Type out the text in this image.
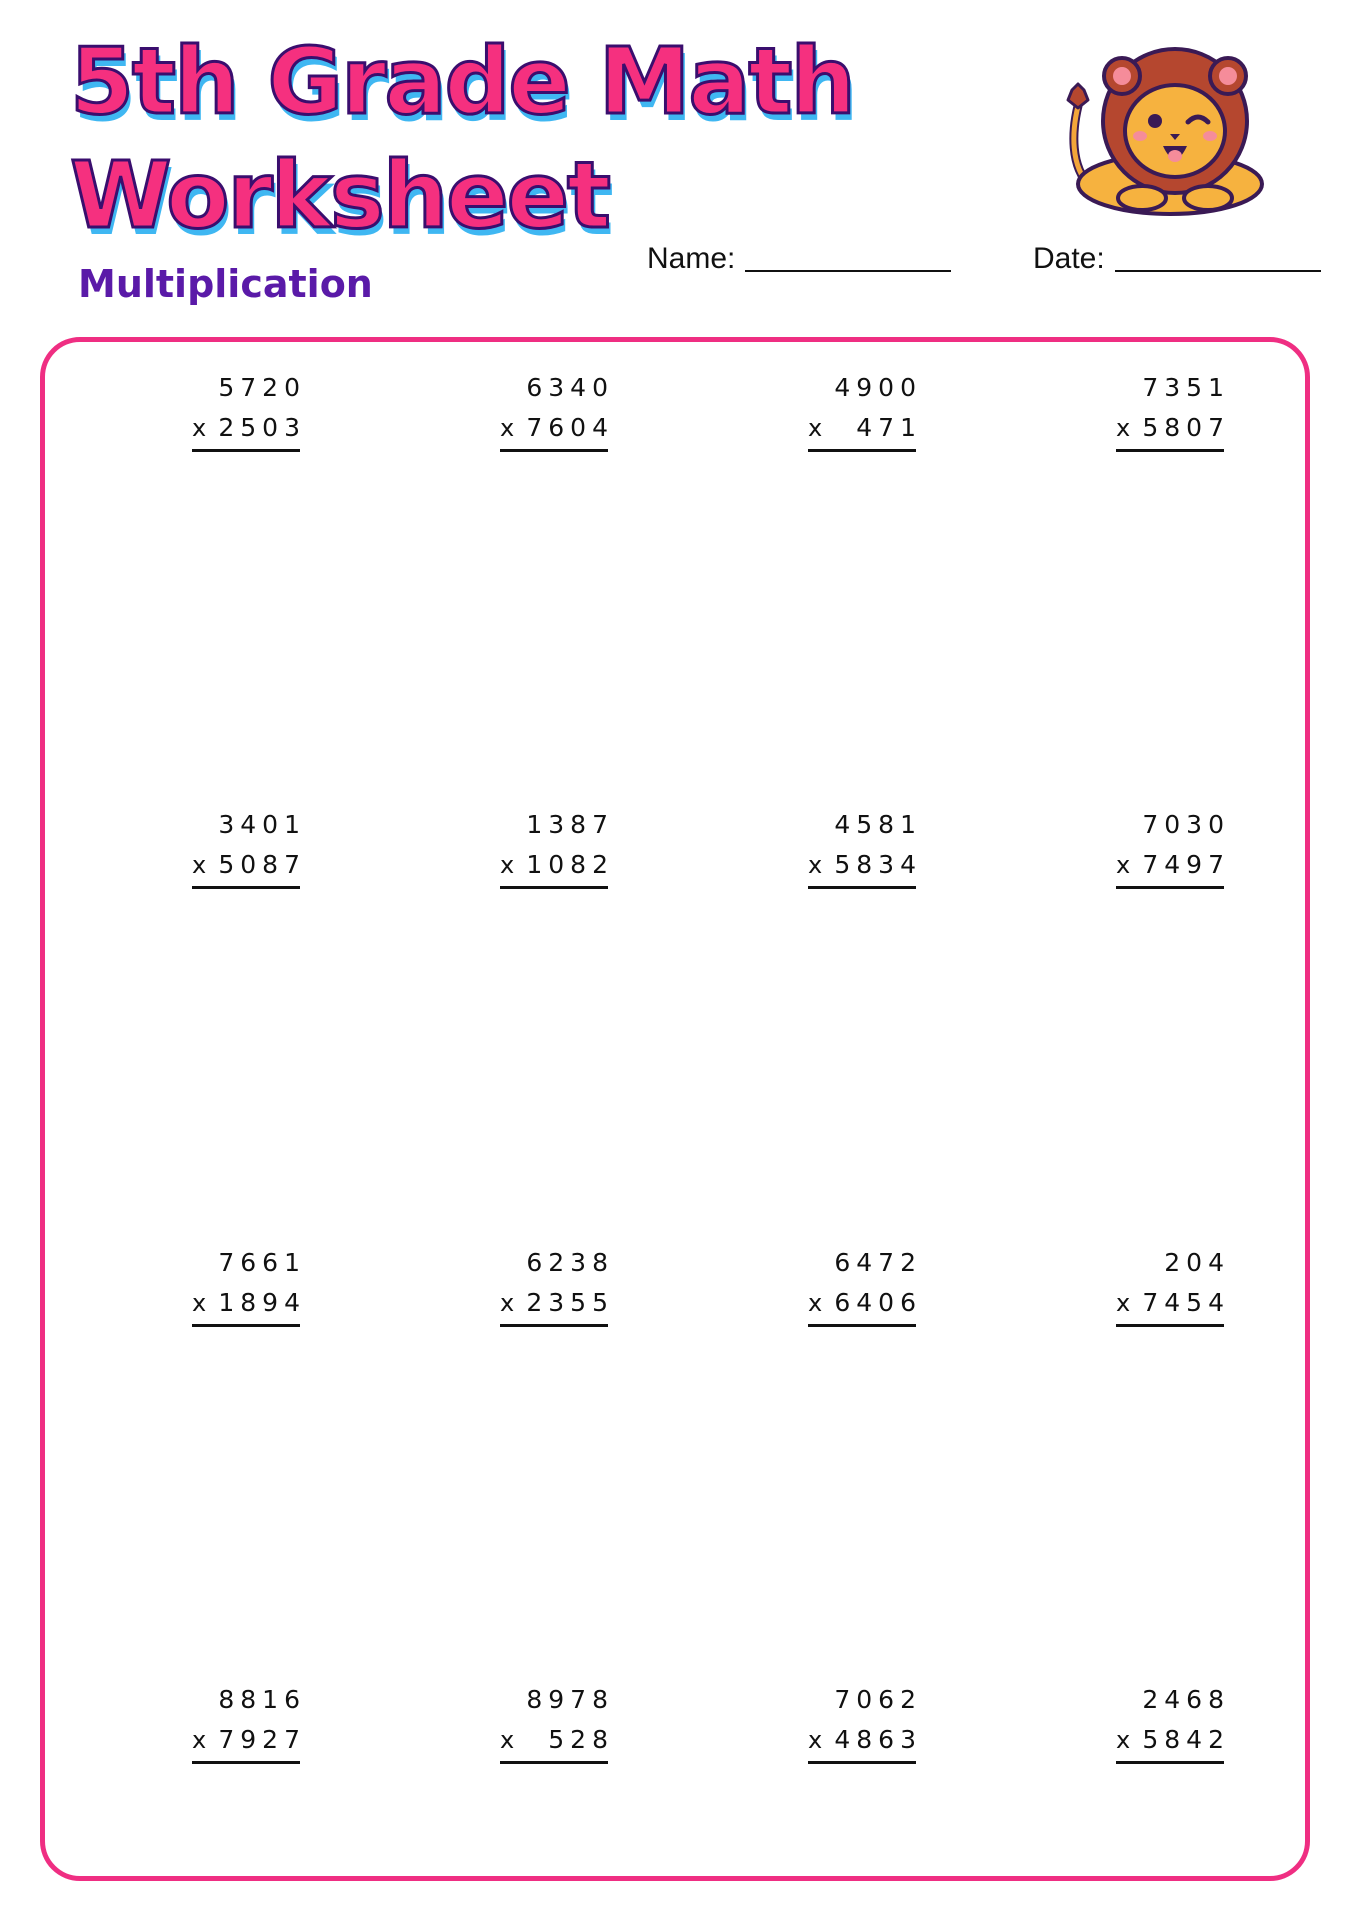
5th Grade Math
Worksheet
Multiplication
Name:	Date:
5720
x 2503
6340
x 7604
4900
x 471
7351
x 5807
3401
x 5087
1387
x 1082
4581
x 5834
7030
x 7497
7661
x 1894
6238
x 2355
6472
x 6406
204
x 7454
8816
x 7927
8978
x 528
7062
x 4863
2468
x 5842
